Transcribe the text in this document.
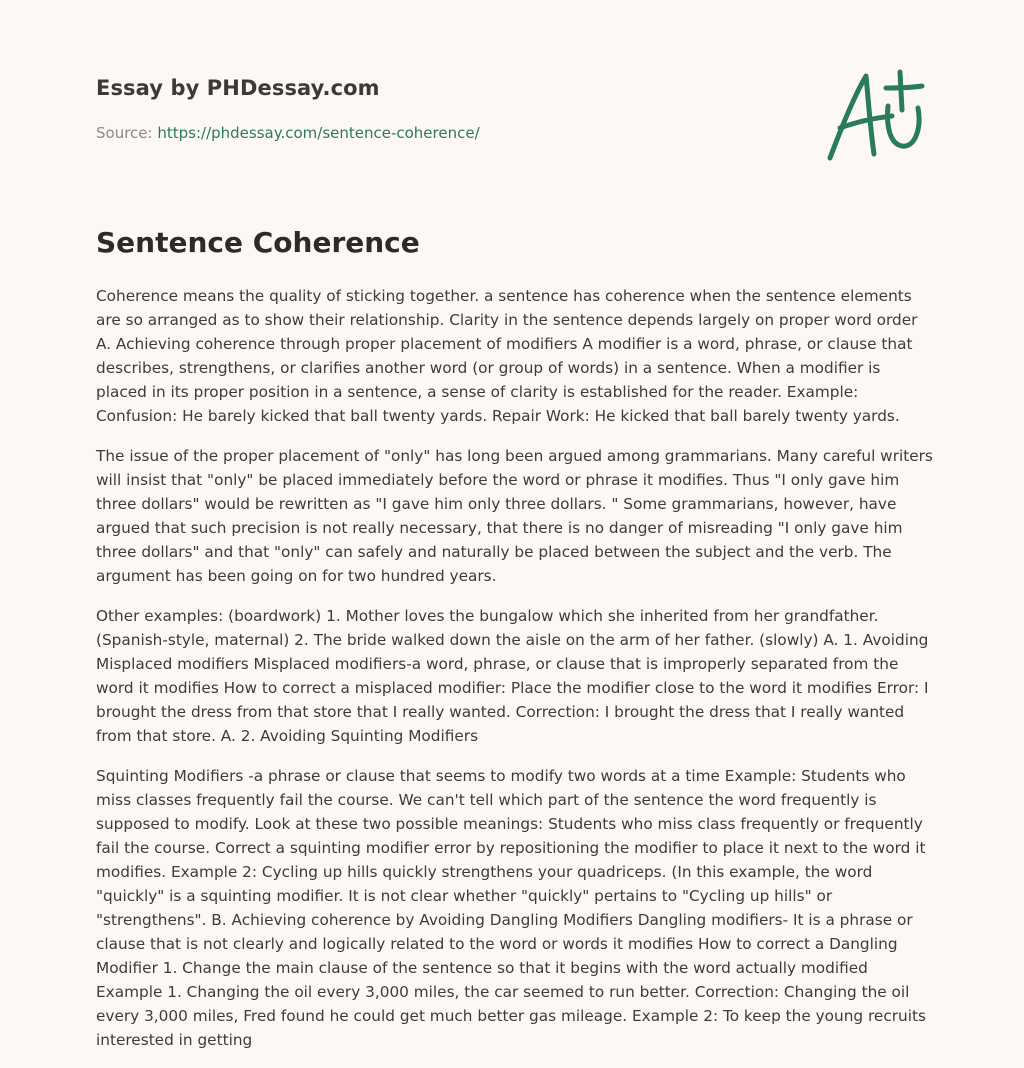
Essay by PHDessay.com
Source: https://phdessay.com/sentence-coherence/
Sentence Coherence

Coherence means the quality of sticking together. a sentence has coherence when the sentence elements are so arranged as to show their relationship. Clarity in the sentence depends largely on proper word order A. Achieving coherence through proper placement of modifiers A modifier is a word, phrase, or clause that describes, strengthens, or clarifies another word (or group of words) in a sentence. When a modifier is placed in its proper position in a sentence, a sense of clarity is established for the reader. Example: Confusion: He barely kicked that ball twenty yards. Repair Work: He kicked that ball barely twenty yards.

The issue of the proper placement of "only" has long been argued among grammarians. Many careful writers will insist that "only" be placed immediately before the word or phrase it modifies. Thus "I only gave him three dollars" would be rewritten as "I gave him only three dollars. " Some grammarians, however, have argued that such precision is not really necessary, that there is no danger of misreading "I only gave him three dollars" and that "only" can safely and naturally be placed between the subject and the verb. The argument has been going on for two hundred years.

Other examples: (boardwork) 1. Mother loves the bungalow which she inherited from her grandfather. (Spanish-style, maternal) 2. The bride walked down the aisle on the arm of her father. (slowly) A. 1. Avoiding Misplaced modifiers Misplaced modifiers-a word, phrase, or clause that is improperly separated from the word it modifies How to correct a misplaced modifier: Place the modifier close to the word it modifies Error: I brought the dress from that store that I really wanted. Correction: I brought the dress that I really wanted from that store. A. 2. Avoiding Squinting Modifiers

Squinting Modifiers -a phrase or clause that seems to modify two words at a time Example: Students who miss classes frequently fail the course. We can't tell which part of the sentence the word frequently is supposed to modify. Look at these two possible meanings: Students who miss class frequently or frequently fail the course. Correct a squinting modifier error by repositioning the modifier to place it next to the word it modifies. Example 2: Cycling up hills quickly strengthens your quadriceps. (In this example, the word "quickly" is a squinting modifier. It is not clear whether "quickly" pertains to "Cycling up hills" or "strengthens". B. Achieving coherence by Avoiding Dangling Modifiers Dangling modifiers- It is a phrase or clause that is not clearly and logically related to the word or words it modifies How to correct a Dangling Modifier 1. Change the main clause of the sentence so that it begins with the word actually modified Example 1. Changing the oil every 3,000 miles, the car seemed to run better. Correction: Changing the oil every 3,000 miles, Fred found he could get much better gas mileage. Example 2: To keep the young recruits interested in getting
